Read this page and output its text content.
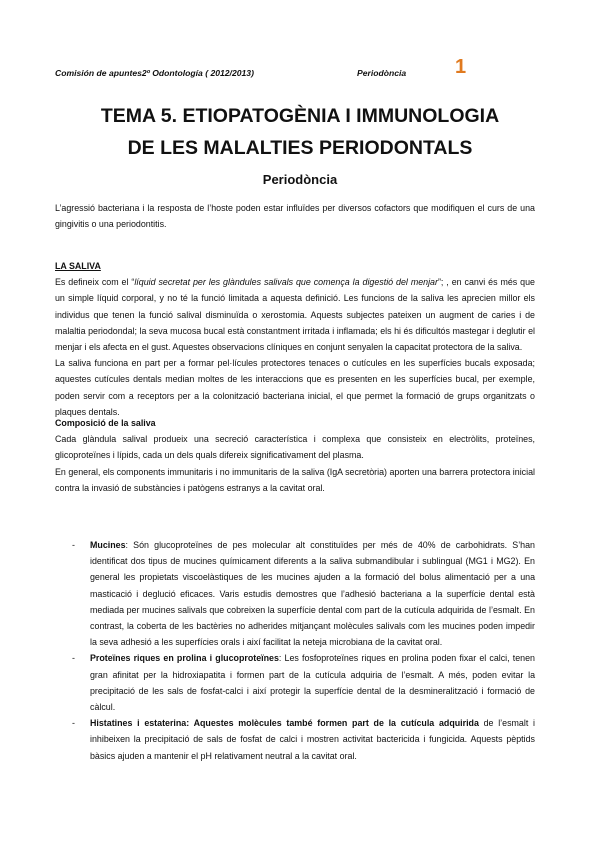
Comisión de apuntes2º Odontología ( 2012/2013)	Periodòncia 1
TEMA 5. ETIOPATOGÈNIA I IMMUNOLOGIA
DE LES MALALTIES PERIODONTALS
Periodòncia

L’agressió bacteriana i la resposta de l’hoste poden estar influïdes per diversos cofactors que modifiquen el curs de una gingivitis o una periodontitis.

LA SALIVA

Es defineix com el “líquid secretat per les glàndules salivals que comença la digestió del menjar”; , en canvi és més que un simple líquid corporal, y no té la funció limitada a aquesta definició. Les funcions de la saliva les aprecien millor els individus que tenen la funció salival disminuïda o xerostomia. Aquests subjectes pateixen un augment de caries i de malaltia periodondal; la seva mucosa bucal està constantment irritada i inflamada; els hi és dificultós mastegar i deglutir el menjar i els afecta en el gust. Aquestes observacions clíniques en conjunt senyalen la capacitat protectora de la saliva.

La saliva funciona en part per a formar pel·lícules protectores tenaces o cutícules en les superfícies bucals exposada; aquestes cutícules dentals median moltes de les interaccions que es presenten en les superfícies bucal, per exemple, poden servir com a receptors per a la colonització bacteriana inicial, el que permet la formació de grups organitzats o plaques dentals.

Composició de la saliva

Cada glàndula salival produeix una secreció característica i complexa que consisteix en electròlits, proteïnes, glicoproteïnes i lípids, cada un dels quals difereix significativament del plasma.

En general, els components immunitaris i no immunitaris de la saliva (IgA secretòria) aporten una barrera protectora inicial contra la invasió de substàncies i patògens estranys a la cavitat oral.

- Mucines: Són glucoproteïnes de pes molecular alt constituïdes per més de 40% de carbohidrats. S’han identificat dos tipus de mucines químicament diferents a la saliva submandibular i sublingual (MG1 i MG2). En general les propietats viscoelàstiques de les mucines ajuden a la formació del bolus alimentació per a una masticació i deglució eficaces. Varis estudis demostres que l’adhesió bacteriana a la superfície dental està mediada per mucines salivals que cobreixen la superfície dental com part de la cutícula adquirida de l’esmalt. En contrast, la coberta de les bactèries no adherides mitjançant molècules salivals com les mucines poden impedir la seva adhesió a les superfícies orals i així facilitat la neteja microbiana de la cavitat oral.
- Proteïnes riques en prolina i glucoproteïnes: Les fosfoproteïnes riques en prolina poden fixar el calci, tenen gran afinitat per la hidroxiapatita i formen part de la cutícula adquiria de l’esmalt. A més, poden evitar la precipitació de les sals de fosfat-calci i així protegir la superfície dental de la desmineralització i formació de càlcul.
- Histatines i estaterina: Aquestes molècules també formen part de la cutícula adquirida de l’esmalt i inhibeixen la precipitació de sals de fosfat de calci i mostren activitat bactericida i fungicida. Aquests pèptids bàsics ajuden a mantenir el pH relativament neutral a la cavitat oral.
